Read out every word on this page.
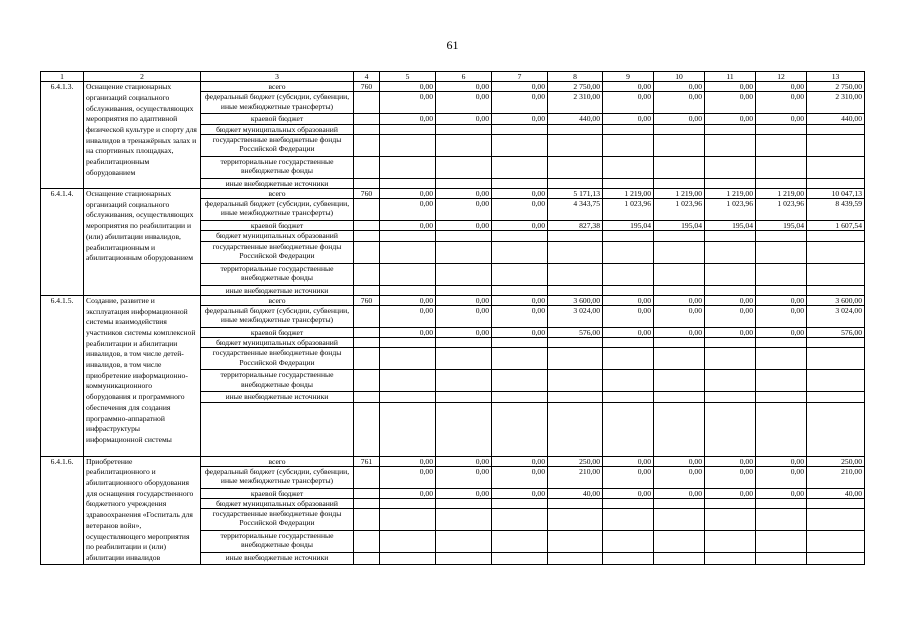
61
1	2	3	4	5	6	7	8	9	10	11	12	13
6.4.1.3.	Оснащение стационарных организаций социального обслуживания, осуществляющих мероприятия по адаптивной физической культуре и спорту для инвалидов в тренажёрных залах и на спортивных площадках, реабилитационным оборудованием	всего	760	0,00	0,00	0,00	2 750,00	0,00	0,00	0,00	0,00	2 750,00
		федеральный бюджет (субсидии, субвенции, иные межбюджетные трансферты)		0,00	0,00	0,00	2 310,00	0,00	0,00	0,00	0,00	2 310,00
		краевой бюджет		0,00	0,00	0,00	440,00	0,00	0,00	0,00	0,00	440,00
		бюджет муниципальных образований										
		государственные внебюджетные фонды Российской Федерации										
		территориальные государственные внебюджетные фонды										
		иные внебюджетные источники										
6.4.1.4.	Оснащение стационарных организаций социального обслуживания, осуществляющих мероприятия по реабилитации и (или) абилитации инвалидов, реабилитационным и абилитационным оборудованием	всего	760	0,00	0,00	0,00	5 171,13	1 219,00	1 219,00	1 219,00	1 219,00	10 047,13
		федеральный бюджет (субсидии, субвенции, иные межбюджетные трансферты)		0,00	0,00	0,00	4 343,75	1 023,96	1 023,96	1 023,96	1 023,96	8 439,59
		краевой бюджет		0,00	0,00	0,00	827,38	195,04	195,04	195,04	195,04	1 607,54
		бюджет муниципальных образований										
		государственные внебюджетные фонды Российской Федерации										
		территориальные государственные внебюджетные фонды										
		иные внебюджетные источники										
6.4.1.5.	Создание, развитие и эксплуатация информационной системы взаимодействия участников системы комплексной реабилитации и абилитации инвалидов, в том числе детей-инвалидов, в том числе приобретение информационно-коммуникационного оборудования и программного обеспечения для создания программно-аппаратной инфраструктуры информационной системы	всего	760	0,00	0,00	0,00	3 600,00	0,00	0,00	0,00	0,00	3 600,00
		федеральный бюджет (субсидии, субвенции, иные межбюджетные трансферты)		0,00	0,00	0,00	3 024,00	0,00	0,00	0,00	0,00	3 024,00
		краевой бюджет		0,00	0,00	0,00	576,00	0,00	0,00	0,00	0,00	576,00
		бюджет муниципальных образований										
		государственные внебюджетные фонды Российской Федерации										
		территориальные государственные внебюджетные фонды										
		иные внебюджетные источники										

6.4.1.6.	Приобретение реабилитационного и абилитационного оборудования для оснащения государственного бюджетного учреждения здравоохранения «Госпиталь для ветеранов войн», осуществляющего мероприятия по реабилитации и (или) абилитации инвалидов	всего	761	0,00	0,00	0,00	250,00	0,00	0,00	0,00	0,00	250,00
		федеральный бюджет (субсидии, субвенции, иные межбюджетные трансферты)		0,00	0,00	0,00	210,00	0,00	0,00	0,00	0,00	210,00
		краевой бюджет		0,00	0,00	0,00	40,00	0,00	0,00	0,00	0,00	40,00
		бюджет муниципальных образований										
		государственные внебюджетные фонды Российской Федерации										
		территориальные государственные внебюджетные фонды										
		иные внебюджетные источники										
